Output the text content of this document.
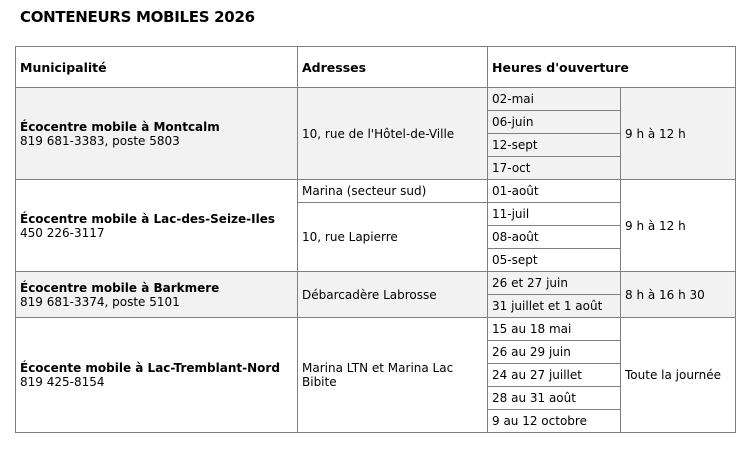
CONTENEURS MOBILES 2026
Municipalité	Adresses	Heures d'ouverture	

Écocentre mobile à Montcalm
819 681-3383, poste 5803	10, rue de l'Hôtel-de-Ville	02-mai	9 h à 12 h
		06-juin	
		12-sept	
		17-oct	

Écocentre mobile à Lac-des-Seize-Iles
450 226-3117	Marina (secteur sud)	01-août	9 h à 12 h
	10, rue Lapierre	11-juil	
		08-août	
		05-sept	

Écocentre mobile à Barkmere
819 681-3374, poste 5101	Débarcadère Labrosse	26 et 27 juin	8 h à 16 h 30
		31 juillet et 1 août	

Écocente mobile à Lac-Tremblant-Nord
819 425-8154	Marina LTN et Marina Lac Bibite	15 au 18 mai	Toute la journée
		26 au 29 juin	
		24 au 27 juillet	
		28 au 31 août	
		9 au 12 octobre	
